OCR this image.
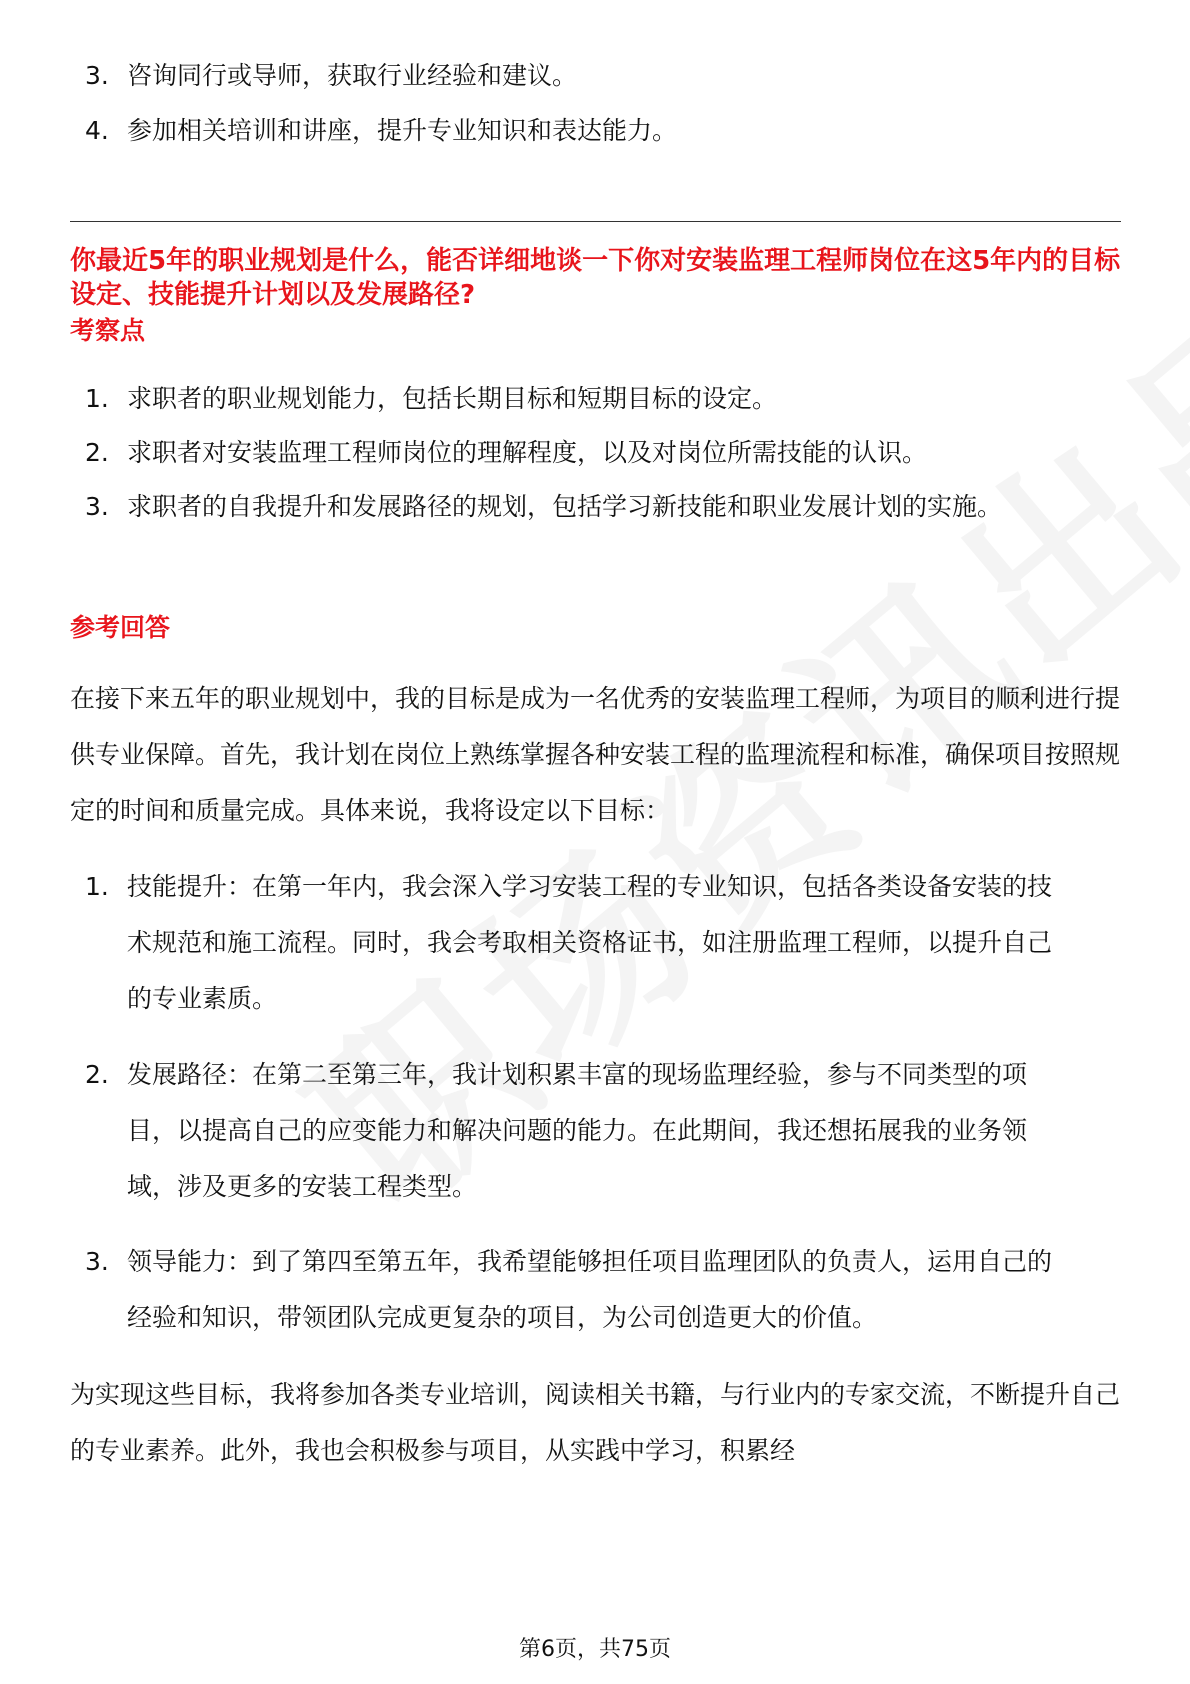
3. 咨询同行或导师，获取行业经验和建议。
4. 参加相关培训和讲座，提升专业知识和表达能力。
你最近5年的职业规划是什么，能否详细地谈一下你对安装监理工程师岗位在这5年内的目标设定、技能提升计划以及发展路径?
考察点
1. 求职者的职业规划能力，包括长期目标和短期目标的设定。
2. 求职者对安装监理工程师岗位的理解程度，以及对岗位所需技能的认识。
3. 求职者的自我提升和发展路径的规划，包括学习新技能和职业发展计划的实施。
参考回答
在接下来五年的职业规划中，我的目标是成为一名优秀的安装监理工程师，为项目的顺利进行提供专业保障。首先，我计划在岗位上熟练掌握各种安装工程的监理流程和标准，确保项目按照规定的时间和质量完成。具体来说，我将设定以下目标：
1. 技能提升：在第一年内，我会深入学习安装工程的专业知识，包括各类设备安装的技术规范和施工流程。同时，我会考取相关资格证书，如注册监理工程师，以提升自己的专业素质。
2. 发展路径：在第二至第三年，我计划积累丰富的现场监理经验，参与不同类型的项目，以提高自己的应变能力和解决问题的能力。在此期间，我还想拓展我的业务领域，涉及更多的安装工程类型。
3. 领导能力：到了第四至第五年，我希望能够担任项目监理团队的负责人，运用自己的经验和知识，带领团队完成更复杂的项目，为公司创造更大的价值。
为实现这些目标，我将参加各类专业培训，阅读相关书籍，与行业内的专家交流，不断提升自己的专业素养。此外，我也会积极参与项目，从实践中学习，积累经
第6页，共75页
